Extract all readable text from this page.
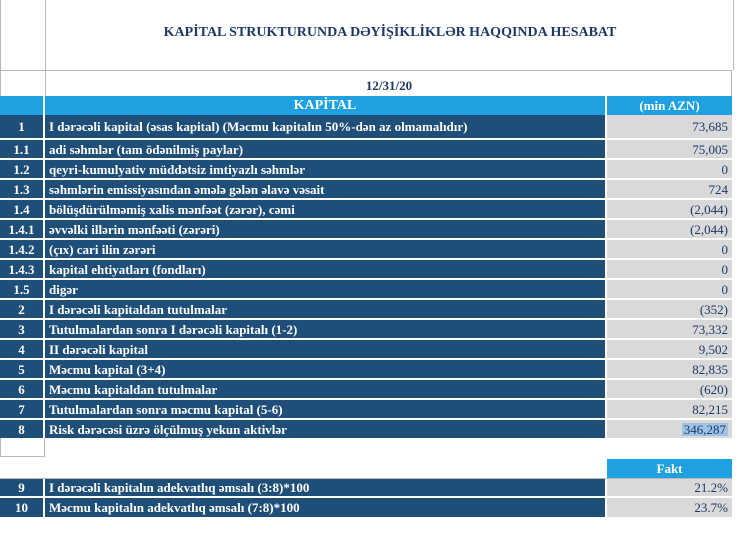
KAPİTAL STRUKTURUNDA DƏYİŞİKLİKLƏR HAQQINDA HESABAT
12/31/20
KAPİTAL	(min AZN)
1	I dərəcəli kapital (əsas kapital) (Məcmu kapitalın 50%-dən az olmamalıdır)	73,685
1.1	adi səhmlər (tam ödənilmiş paylar)	75,005
1.2	qeyri-kumulyativ müddətsiz imtiyazlı səhmlər	0
1.3	səhmlərin emissiyasından əmələ gələn əlavə vəsait	724
1.4	bölüşdürülməmiş xalis mənfəət (zərər), cəmi	(2,044)
1.4.1	əvvəlki illərin mənfəəti (zərəri)	(2,044)
1.4.2	(çıx) cari ilin zərəri	0
1.4.3	kapital ehtiyatları (fondları)	0
1.5	digər	0
2	I dərəcəli kapitaldan tutulmalar	(352)
3	Tutulmalardan sonra I dərəcəli kapitalı (1-2)	73,332
4	II dərəcəli kapital	9,502
5	Məcmu kapital (3+4)	82,835
6	Məcmu kapitaldan tutulmalar	(620)
7	Tutulmalardan sonra məcmu kapital (5-6)	82,215
8	Risk dərəcəsi üzrə ölçülmuş yekun aktivlər	346,287
Fakt
9	I dərəcəli kapitalın adekvatlıq əmsalı (3:8)*100	21.2%
10	Məcmu kapitalın adekvatlıq əmsalı (7:8)*100	23.7%
